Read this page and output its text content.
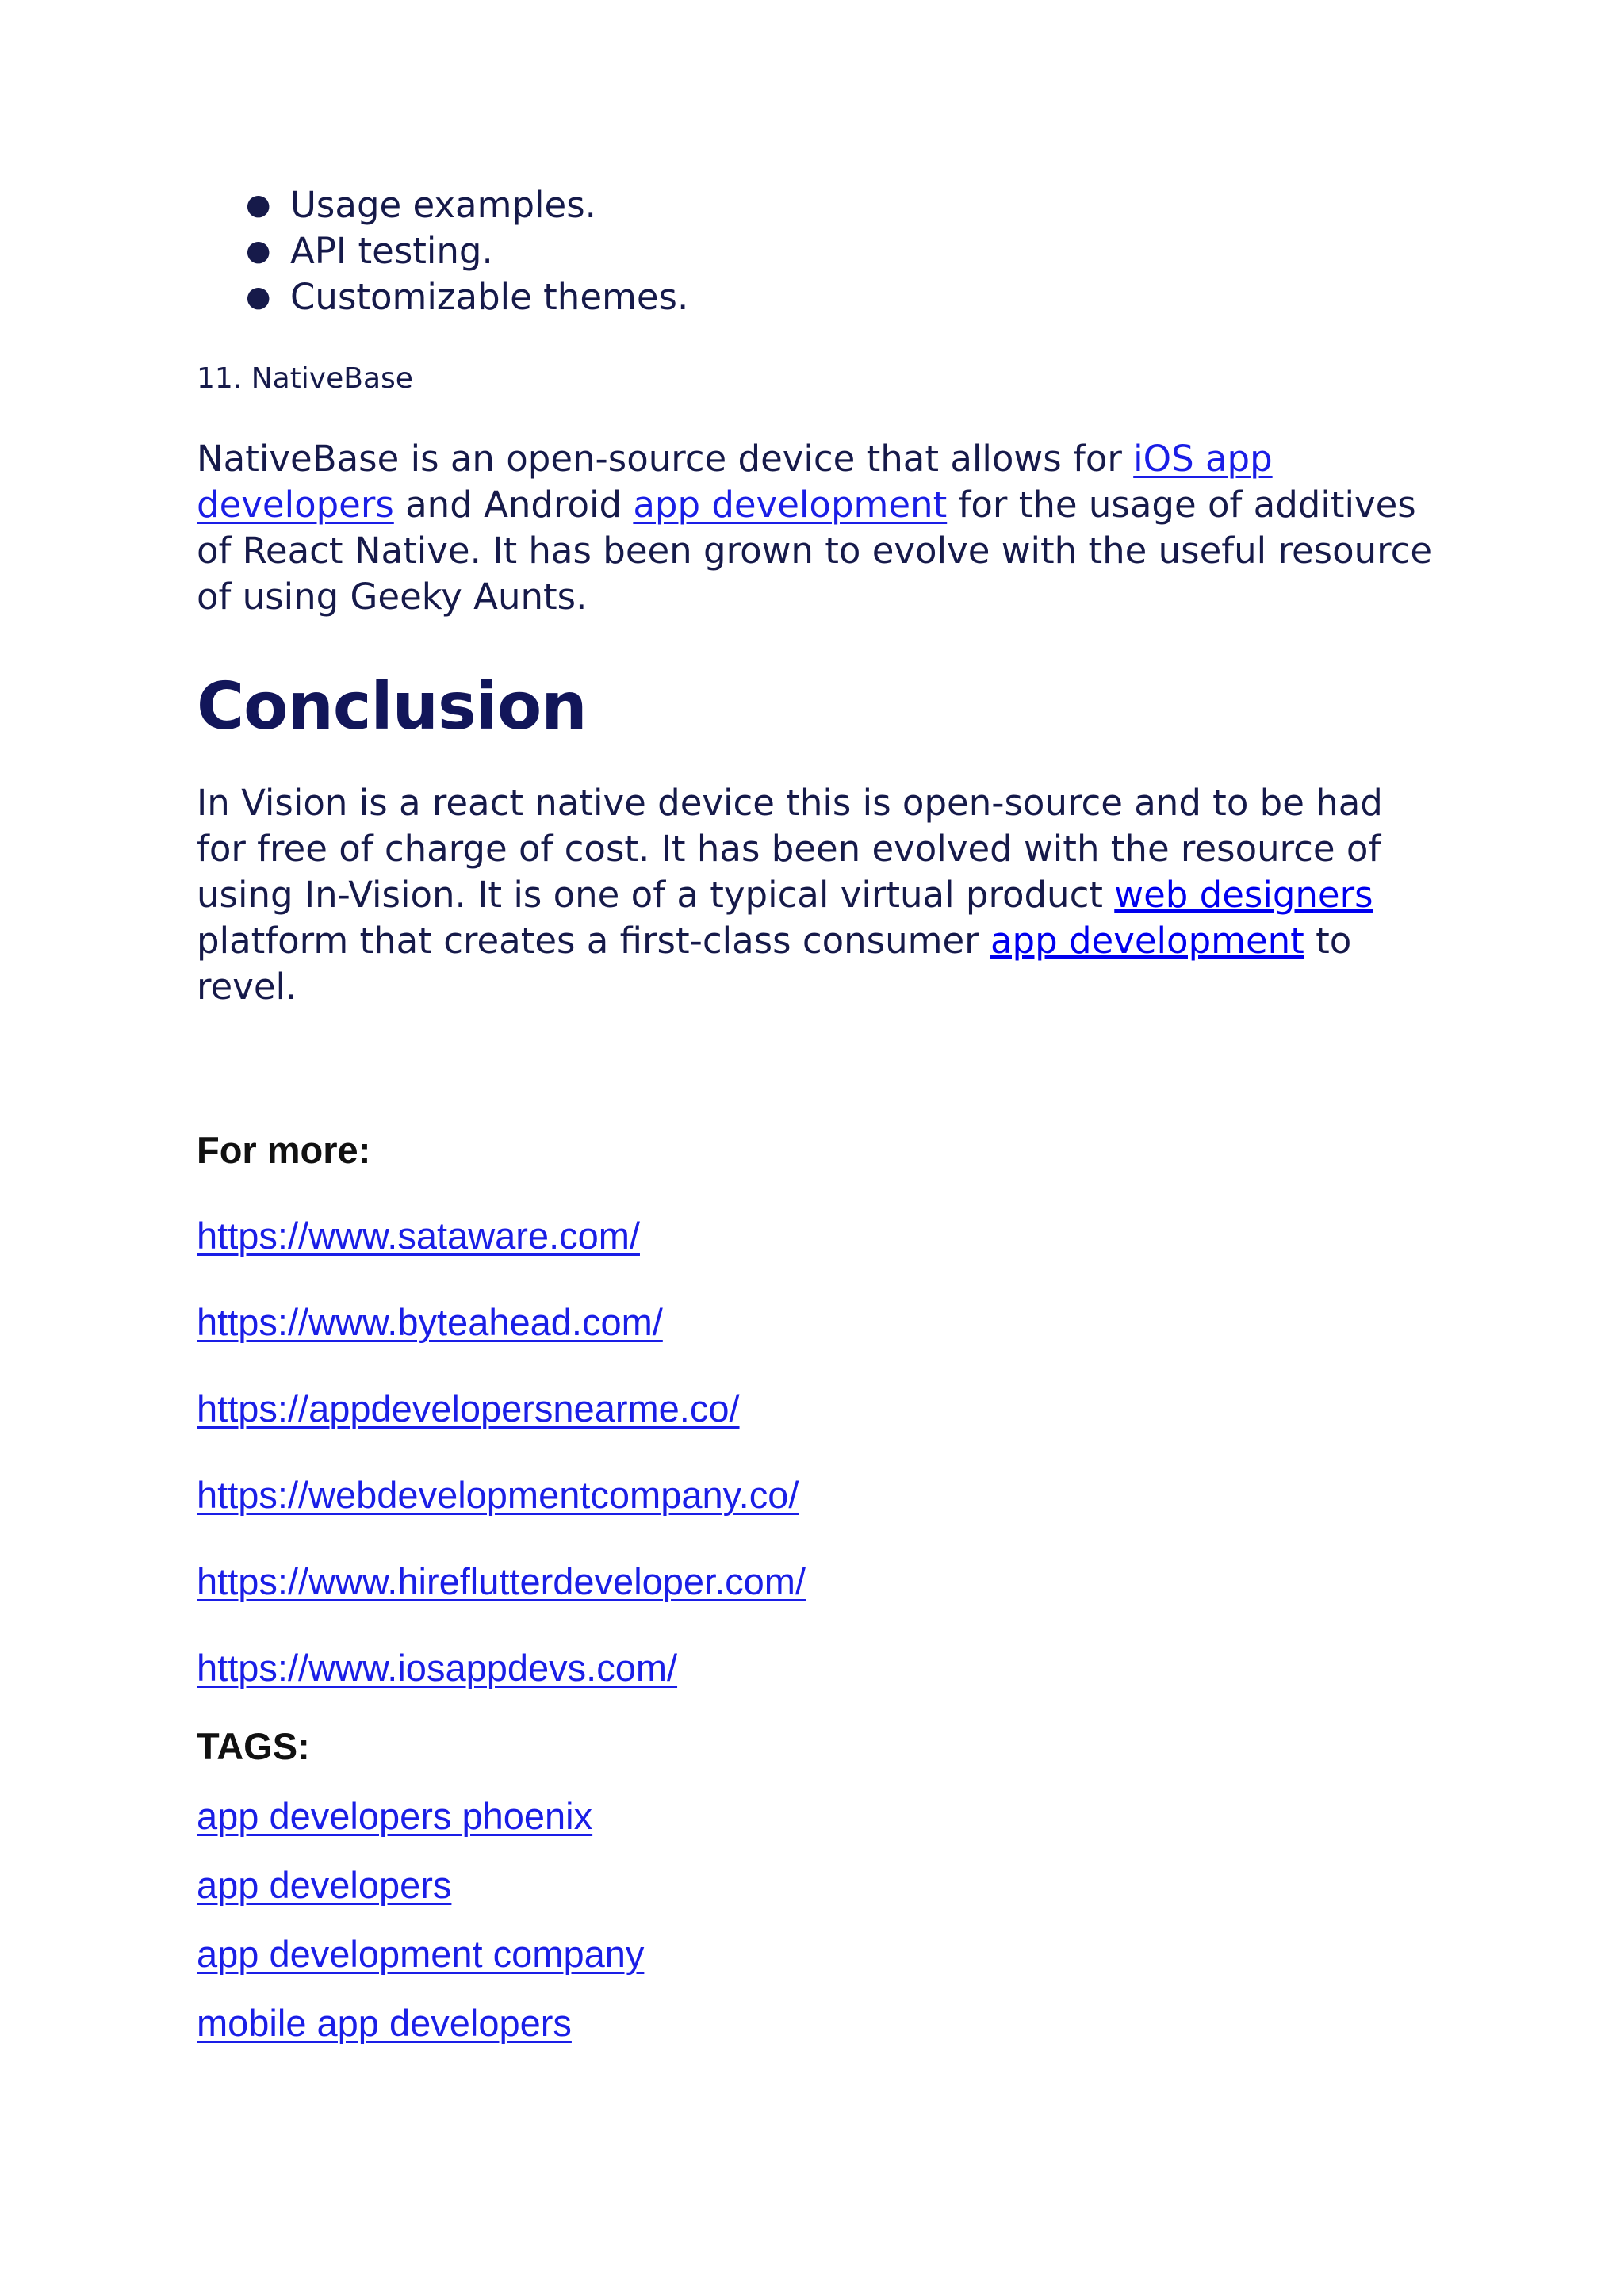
● Usage examples.
● API testing.
● Customizable themes.
11. NativeBase

NativeBase is an open-source device that allows for iOS app developers and Android app development for the usage of additives of React Native. It has been grown to evolve with the useful resource of using Geeky Aunts.

Conclusion

In Vision is a react native device this is open-source and to be had for free of charge of cost. It has been evolved with the resource of using In-Vision. It is one of a typical virtual product web designers platform that creates a first-class consumer app development to revel.

For more:
https://www.sataware.com/
https://www.byteahead.com/
https://appdevelopersnearme.co/
https://webdevelopmentcompany.co/
https://www.hireflutterdeveloper.com/
https://www.iosappdevs.com/
TAGS:
app developers phoenix
app developers
app development company
mobile app developers
